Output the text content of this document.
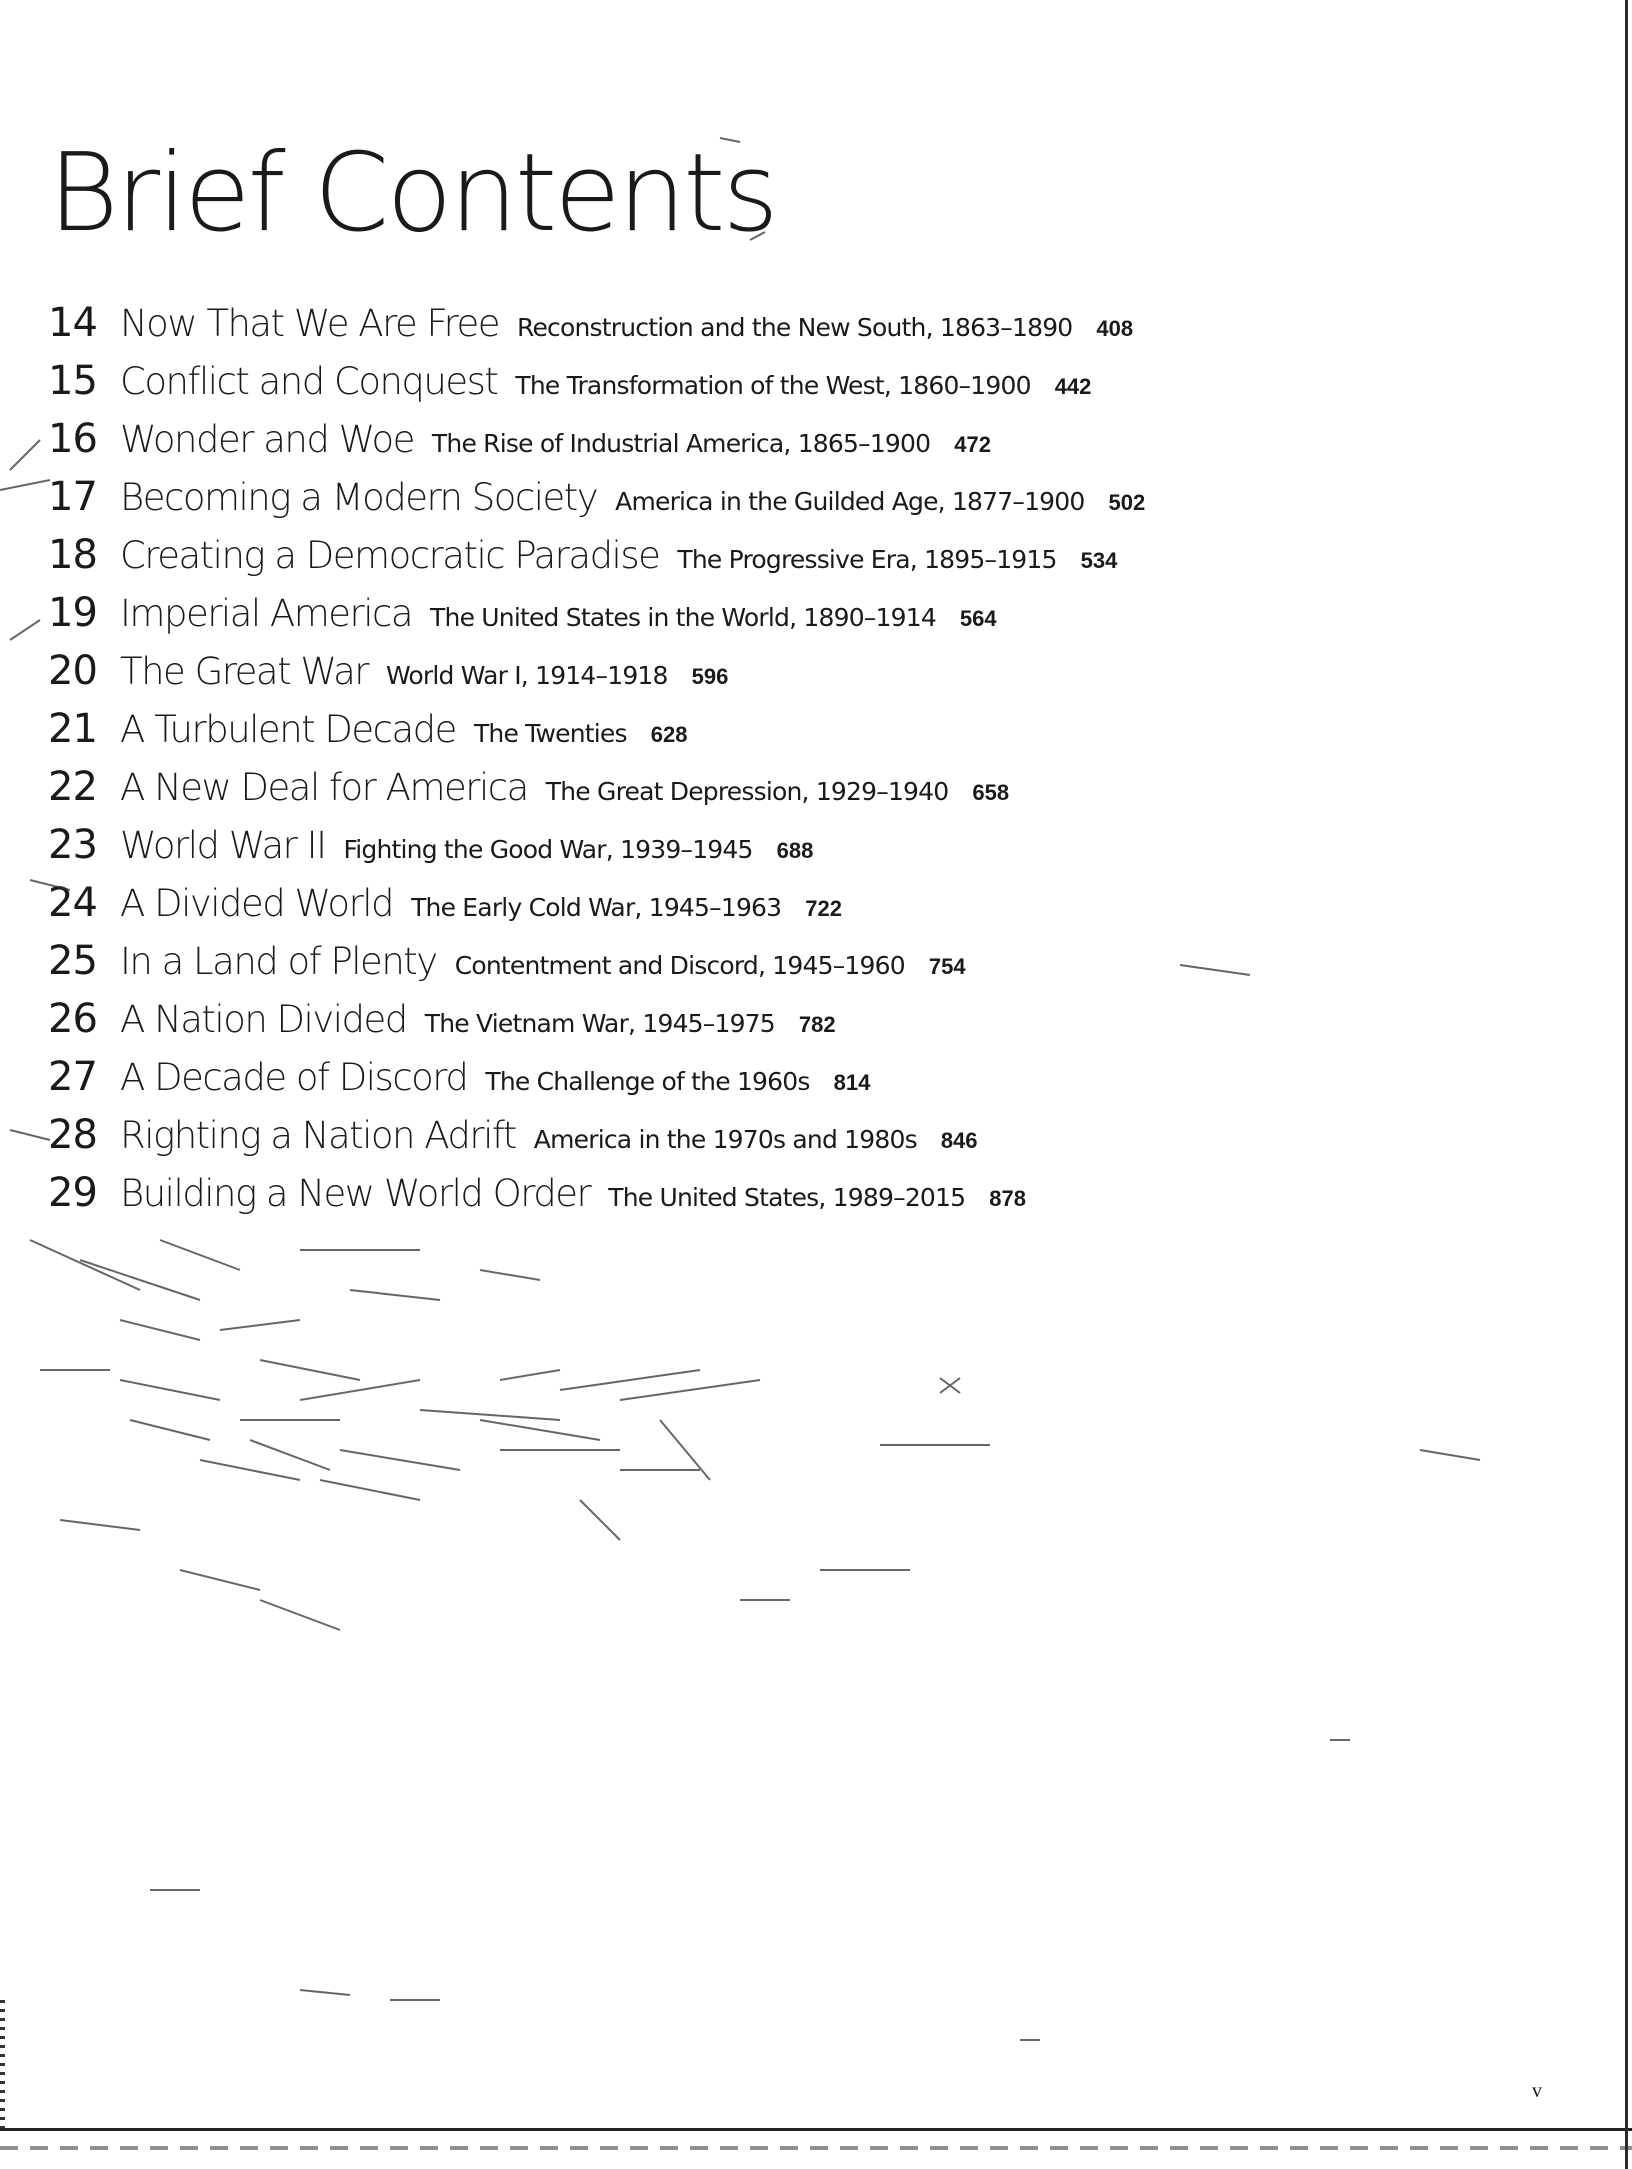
Brief Contents
14 Now That We Are Free Reconstruction and the New South, 1863–1890 408
15 Conflict and Conquest The Transformation of the West, 1860–1900 442
16 Wonder and Woe The Rise of Industrial America, 1865–1900 472
17 Becoming a Modern Society America in the Guilded Age, 1877–1900 502
18 Creating a Democratic Paradise The Progressive Era, 1895–1915 534
19 Imperial America The United States in the World, 1890–1914 564
20 The Great War World War I, 1914–1918 596
21 A Turbulent Decade The Twenties 628
22 A New Deal for America The Great Depression, 1929–1940 658
23 World War II Fighting the Good War, 1939–1945 688
24 A Divided World The Early Cold War, 1945–1963 722
25 In a Land of Plenty Contentment and Discord, 1945–1960 754
26 A Nation Divided The Vietnam War, 1945–1975 782
27 A Decade of Discord The Challenge of the 1960s 814
28 Righting a Nation Adrift America in the 1970s and 1980s 846
29 Building a New World Order The United States, 1989–2015 878
v
